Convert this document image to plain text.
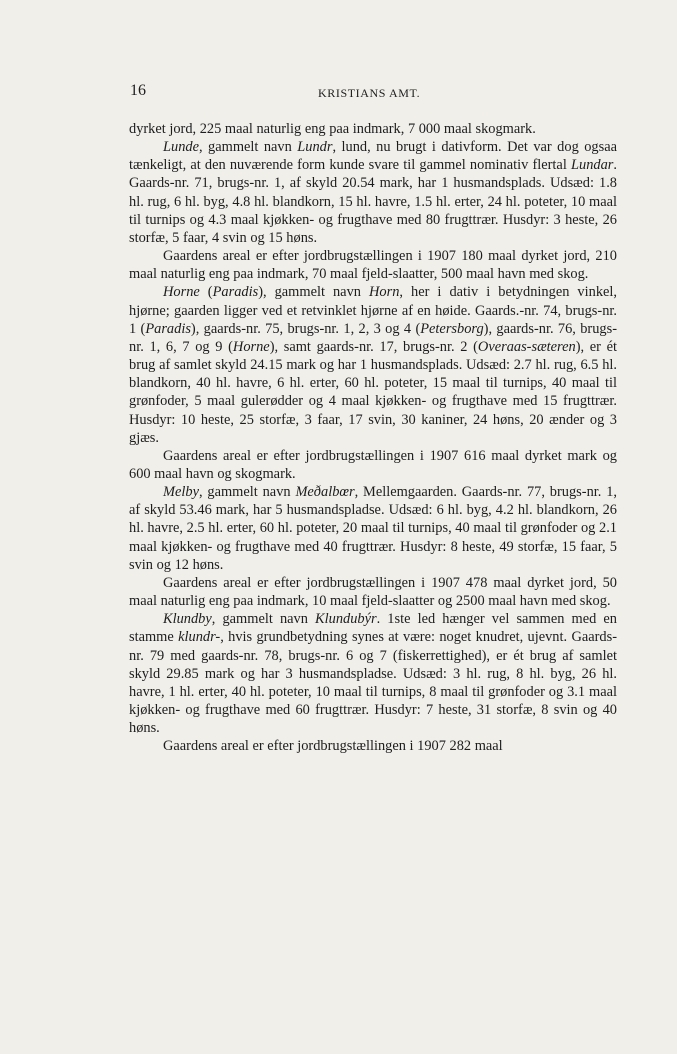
16	KRISTIANS AMT.

dyrket jord, 225 maal naturlig eng paa indmark, 7 000 maal skogmark.

Lunde, gammelt navn Lundr, lund, nu brugt i dativform. Det var dog ogsaa tænkeligt, at den nuværende form kunde svare til gammel nominativ flertal Lundar. Gaards-nr. 71, brugs-nr. 1, af skyld 20.54 mark, har 1 husmandsplads. Udsæd: 1.8 hl. rug, 6 hl. byg, 4.8 hl. blandkorn, 15 hl. havre, 1.5 hl. erter, 24 hl. poteter, 10 maal til turnips og 4.3 maal kjøkken- og frugthave med 80 frugttrær. Husdyr: 3 heste, 26 storfæ, 5 faar, 4 svin og 15 høns.

Gaardens areal er efter jordbrugstællingen i 1907 180 maal dyrket jord, 210 maal naturlig eng paa indmark, 70 maal fjeld-slaatter, 500 maal havn med skog.

Horne (Paradis), gammelt navn Horn, her i dativ i betydningen vinkel, hjørne; gaarden ligger ved et retvinklet hjørne af en høide. Gaards.-nr. 74, brugs-nr. 1 (Paradis), gaards-nr. 75, brugs-nr. 1, 2, 3 og 4 (Petersborg), gaards-nr. 76, brugs-nr. 1, 6, 7 og 9 (Horne), samt gaards-nr. 17, brugs-nr. 2 (Overaas-sæteren), er ét brug af samlet skyld 24.15 mark og har 1 husmandsplads. Udsæd: 2.7 hl. rug, 6.5 hl. blandkorn, 40 hl. havre, 6 hl. erter, 60 hl. poteter, 15 maal til turnips, 40 maal til grønfoder, 5 maal gulerødder og 4 maal kjøkken- og frugthave med 15 frugttrær. Husdyr: 10 heste, 25 storfæ, 3 faar, 17 svin, 30 kaniner, 24 høns, 20 ænder og 3 gjæs.

Gaardens areal er efter jordbrugstællingen i 1907 616 maal dyrket mark og 600 maal havn og skogmark.

Melby, gammelt navn Meðalbœr, Mellemgaarden. Gaards-nr. 77, brugs-nr. 1, af skyld 53.46 mark, har 5 husmandspladse. Udsæd: 6 hl. byg, 4.2 hl. blandkorn, 26 hl. havre, 2.5 hl. erter, 60 hl. poteter, 20 maal til turnips, 40 maal til grønfoder og 2.1 maal kjøkken- og frugthave med 40 frugttrær. Husdyr: 8 heste, 49 storfæ, 15 faar, 5 svin og 12 høns.

Gaardens areal er efter jordbrugstællingen i 1907 478 maal dyrket jord, 50 maal naturlig eng paa indmark, 10 maal fjeld-slaatter og 2500 maal havn med skog.

Klundby, gammelt navn Klundubýr. 1ste led hænger vel sammen med en stamme klundr-, hvis grundbetydning synes at være: noget knudret, ujevnt. Gaards-nr. 79 med gaards-nr. 78, brugs-nr. 6 og 7 (fiskerrettighed), er ét brug af samlet skyld 29.85 mark og har 3 husmandspladse. Udsæd: 3 hl. rug, 8 hl. byg, 26 hl. havre, 1 hl. erter, 40 hl. poteter, 10 maal til turnips, 8 maal til grønfoder og 3.1 maal kjøkken- og frugthave med 60 frugttrær. Husdyr: 7 heste, 31 storfæ, 8 svin og 40 høns.

Gaardens areal er efter jordbrugstællingen i 1907 282 maal
